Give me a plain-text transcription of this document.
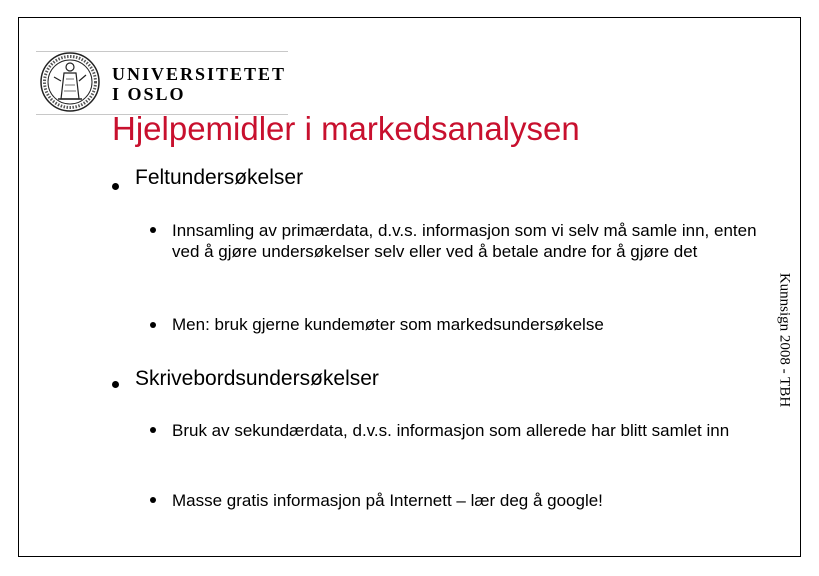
UNIVERSITETET
I OSLO
Hjelpemidler i markedsanalysen
Kunnsign 2008 - TBH
Feltundersøkelser
Innsamling av primærdata, d.v.s. informasjon som vi selv må samle inn, enten ved å gjøre undersøkelser selv eller ved å betale andre for å gjøre det
Men: bruk gjerne kundemøter som markedsundersøkelse
Skrivebordsundersøkelser
Bruk av sekundærdata, d.v.s. informasjon som allerede har blitt samlet inn
Masse gratis informasjon på Internett – lær deg å google!
